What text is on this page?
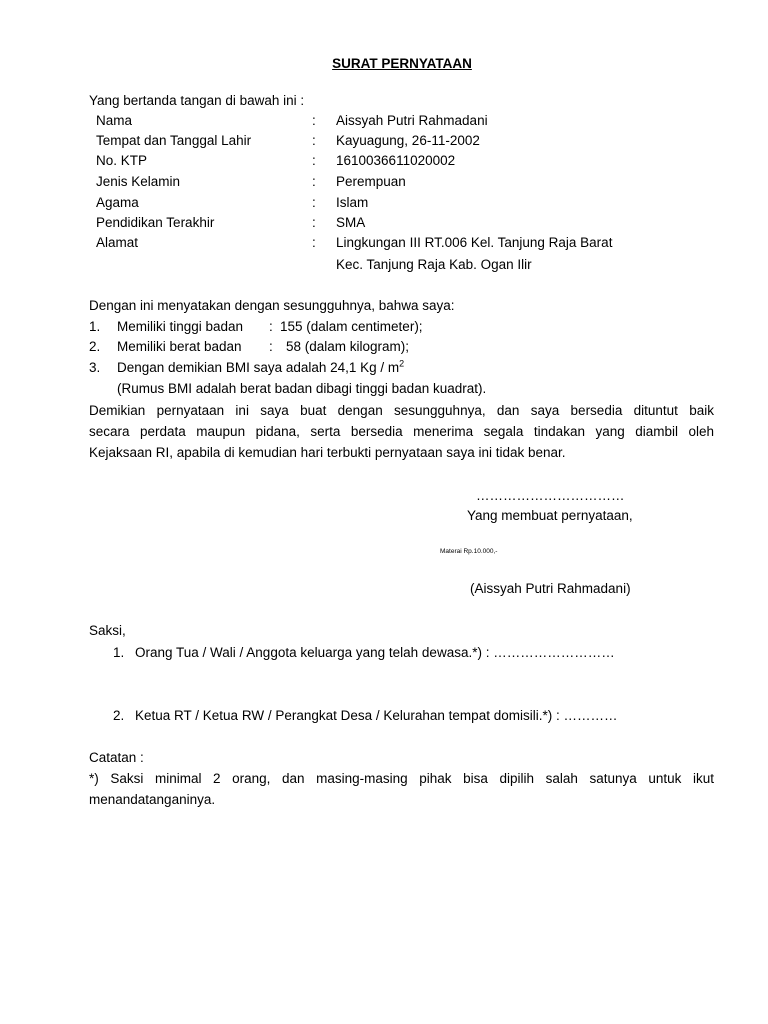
SURAT PERNYATAAN
Yang bertanda tangan di bawah ini :
Nama	: Aissyah Putri Rahmadani
Tempat dan Tanggal Lahir	: Kayuagung, 26-11-2002
No. KTP	: 1610036611020002
Jenis Kelamin	: Perempuan
Agama	: Islam
Pendidikan Terakhir	: SMA
Alamat	: Lingkungan III RT.006 Kel. Tanjung Raja Barat
Kec. Tanjung Raja Kab. Ogan Ilir
Dengan ini menyatakan dengan sesungguhnya, bahwa saya:
1. Memiliki tinggi badan : 155 (dalam centimeter);
2. Memiliki berat badan : 58 (dalam kilogram);
3. Dengan demikian BMI saya adalah 24,1 Kg / $m^2$
(Rumus BMI adalah berat badan dibagi tinggi badan kuadrat).
Demikian pernyataan ini saya buat dengan sesungguhnya, dan saya bersedia dituntut baik
secara perdata maupun pidana, serta bersedia menerima segala tindakan yang diambil oleh
Kejaksaan RI, apabila di kemudian hari terbukti pernyataan saya ini tidak benar.
……………………………
Yang membuat pernyataan,
Materai Rp.10.000,-
(Aissyah Putri Rahmadani)
Saksi,
1. Orang Tua / Wali / Anggota keluarga yang telah dewasa.*) : ………………………
2. Ketua RT / Ketua RW / Perangkat Desa / Kelurahan tempat domisili.*) : …………
Catatan :
*) Saksi minimal 2 orang, dan masing-masing pihak bisa dipilih salah satunya untuk ikut
menandatanganinya.
